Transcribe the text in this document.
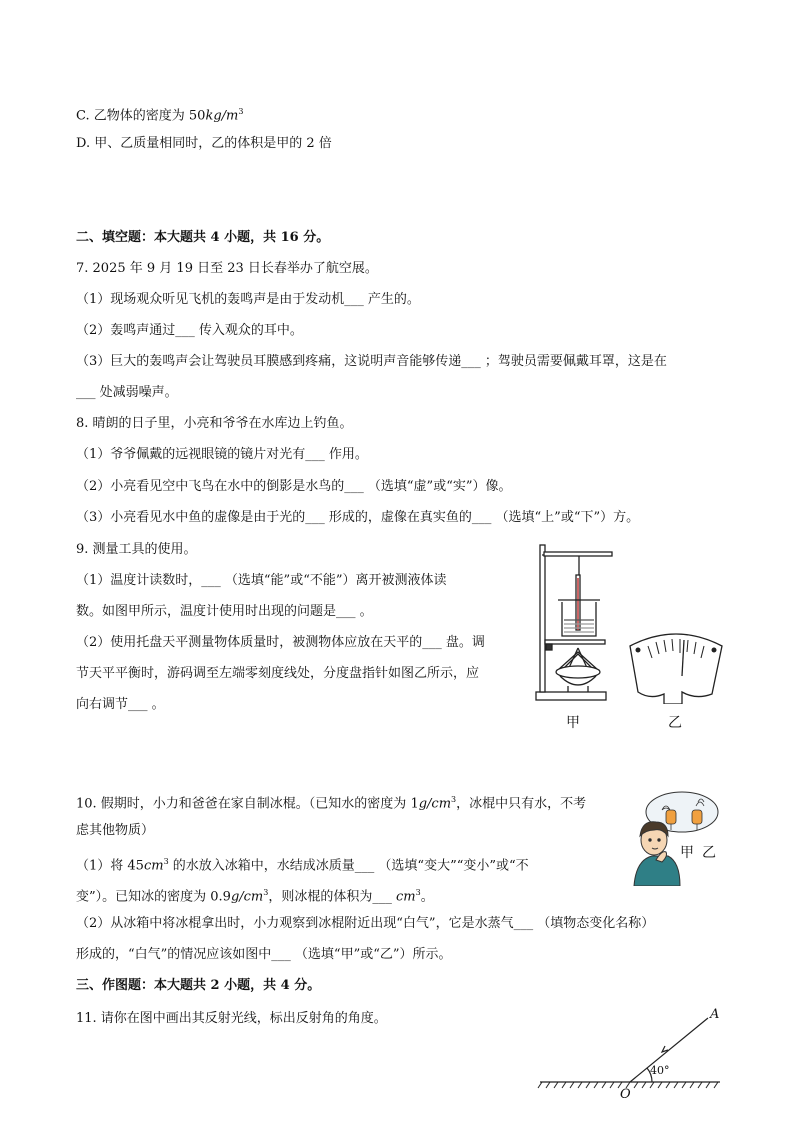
C. 乙物体的密度为 $50kg/m^3$
D. 甲、乙质量相同时，乙的体积是甲的 2 倍
二、填空题：本大题共 4 小题，共 16 分。
7. 2025 年 9 月 19 日至 23 日长春举办了航空展。
（1）现场观众听见飞机的轰鸣声是由于发动机___ 产生的。
（2）轰鸣声通过___ 传入观众的耳中。
（3）巨大的轰鸣声会让驾驶员耳膜感到疼痛，这说明声音能够传递___ ；驾驶员需要佩戴耳罩，这是在
___ 处减弱噪声。
8. 晴朗的日子里，小亮和爷爷在水库边上钓鱼。
（1）爷爷佩戴的远视眼镜的镜片对光有___ 作用。
（2）小亮看见空中飞鸟在水中的倒影是水鸟的___ （选填“虚”或“实”）像。
（3）小亮看见水中鱼的虚像是由于光的___ 形成的，虚像在真实鱼的___ （选填“上”或“下”）方。
9. 测量工具的使用。
（1）温度计读数时，___ （选填“能”或“不能”）离开被测液体读
数。如图甲所示，温度计使用时出现的问题是___ 。
（2）使用托盘天平测量物体质量时，被测物体应放在天平的___ 盘。调
节天平平衡时，游码调至左端零刻度线处，分度盘指针如图乙所示，应
向右调节___ 。
甲	乙
10. 假期时，小力和爸爸在家自制冰棍。（已知水的密度为 $1g/cm^3$，冰棍中只有水，不考
虑其他物质）
（1）将 $45cm^3$ 的水放入冰箱中，水结成冰质量___ （选填“变大”“变小”或“不
变”）。已知冰的密度为 $0.9g/cm^3$，则冰棍的体积为___ $cm^3$。
（2）从冰箱中将冰棍拿出时，小力观察到冰棍附近出现“白气”，它是水蒸气___ （填物态变化名称）
形成的，“白气”的情况应该如图中___ （选填“甲”或“乙”）所示。
甲 乙
三、作图题：本大题共 2 小题，共 4 分。
11. 请你在图中画出其反射光线，标出反射角的角度。	A
O
40°
